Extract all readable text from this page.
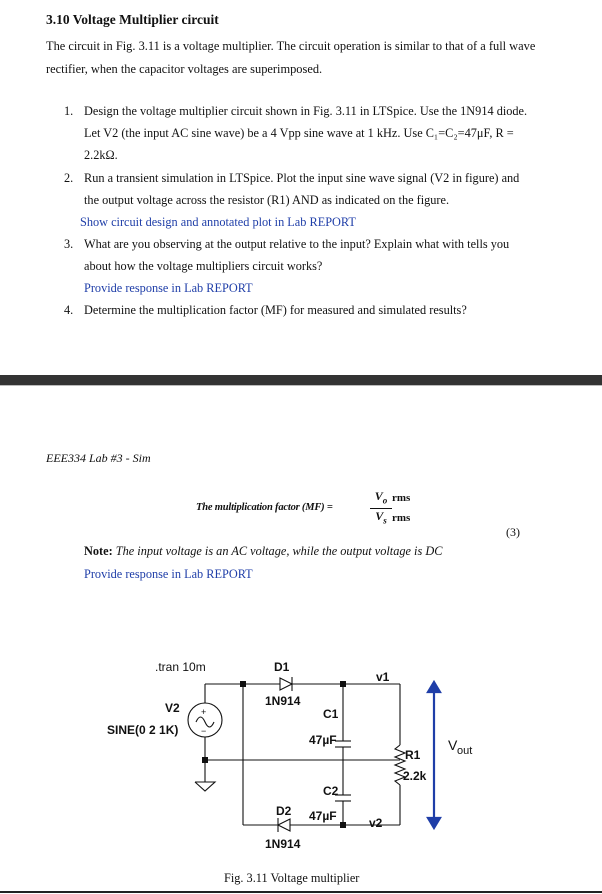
3.10 Voltage Multiplier circuit
The circuit in Fig. 3.11 is a voltage multiplier. The circuit operation is similar to that of a full wave
rectifier, when the capacitor voltages are superimposed.
1. Design the voltage multiplier circuit shown in Fig. 3.11 in LTSpice. Use the 1N914 diode.
Let V2 (the input AC sine wave) be a 4 Vpp sine wave at 1 kHz. Use C₁=C₂=47μF, R =
2.2kΩ.
2. Run a transient simulation in LTSpice. Plot the input sine wave signal (V2 in figure) and
the output voltage across the resistor (R1) AND as indicated on the figure.
Show circuit design and annotated plot in Lab REPORT
3. What are you observing at the output relative to the input? Explain what with tells you
about how the voltage multipliers circuit works?
Provide response in Lab REPORT
4. Determine the multiplication factor (MF) for measured and simulated results?
EEE334 Lab #3 - Sim
The multiplication factor (MF) =
$V_o$
$V_s$
rms
rms
(3)
Note: The input voltage is an AC voltage, while the output voltage is DC
Provide response in Lab REPORT
.tran 10m
V2
SINE(0 2 1K)
+
−
D1
1N914
C1
47µF
C2
47µF
D2
1N914
v1
v2
R1
2.2k
V out
Fig. 3.11 Voltage multiplier
